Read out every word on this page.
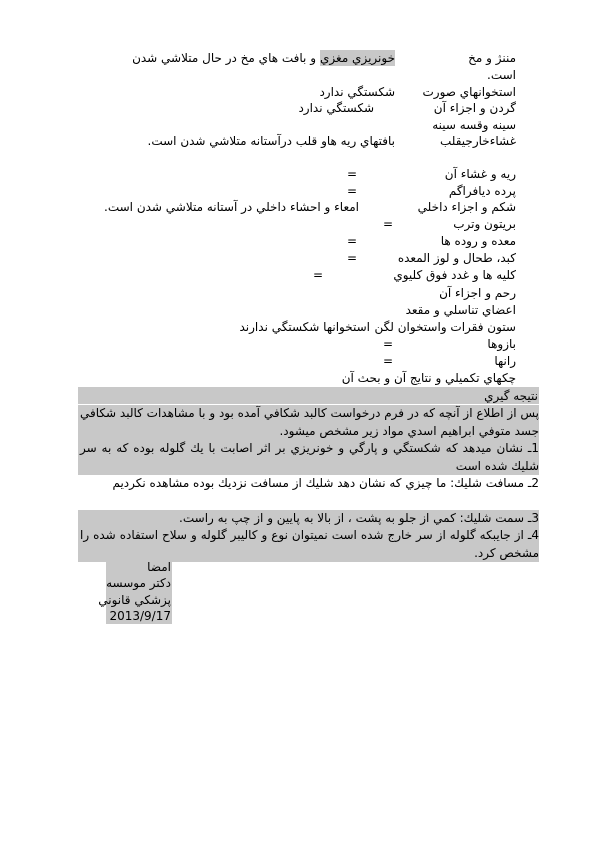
مننژ و مخ
خونريزي مغزي
و بافت هاي مخ در حال متلاشي شدن
است.
استخوانهاي صورت
شكستگي ندارد
گردن و اجزاء آن
شكستگي ندارد
سينه وقسه سينه
غشاءخارجيقلب
بافتهاي ريه هاو قلب درآستانه متلاشي شدن است.
ريه و غشاء آن
=
پرده ديافراگم
=
شكم و اجزاء داخلي
امعاء و احشاء داخلي در آستانه متلاشي شدن است.
بريتون وترب
=
معده و روده ها
=
كبد، طحال و لوز المعده
=
كليه ها و غدد فوق كليوي
=
رحم و اجزاء آن
اعضاي تناسلي و مقعد
ستون فقرات واستخوان لگن
استخوانها شكستگي ندارند
بازوها
=
رانها
=
چكهاي تكميلي و نتايج آن و بحث آن
نتيجه گيري
پس از اطلاع از آنچه كه در فرم درخواست كالبد شكافي آمده بود و با مشاهدات كالبد شكافي جسد متوفي ابراهيم اسدي مواد زير مشخص ميشود.
1ـ نشان ميدهد كه شكستگي و پارگي و خونريزي بر اثر اصابت با يك گلوله بوده كه به سر شليك شده است
2ـ مسافت شليك: ما چيزي كه نشان دهد شليك از مسافت نزديك بوده مشاهده نكرديم
3ـ سمت شليك: كمي از جلو به پشت ، از بالا به پايين و از چپ به راست.
4ـ از جايبكه گلوله از سر خارج شده است نميتوان نوع و كاليبر گلوله و سلاح استفاده شده را مشخص كرد.
امضا
دكتر موسسه
پزشكي قانوني
2013/9/17
